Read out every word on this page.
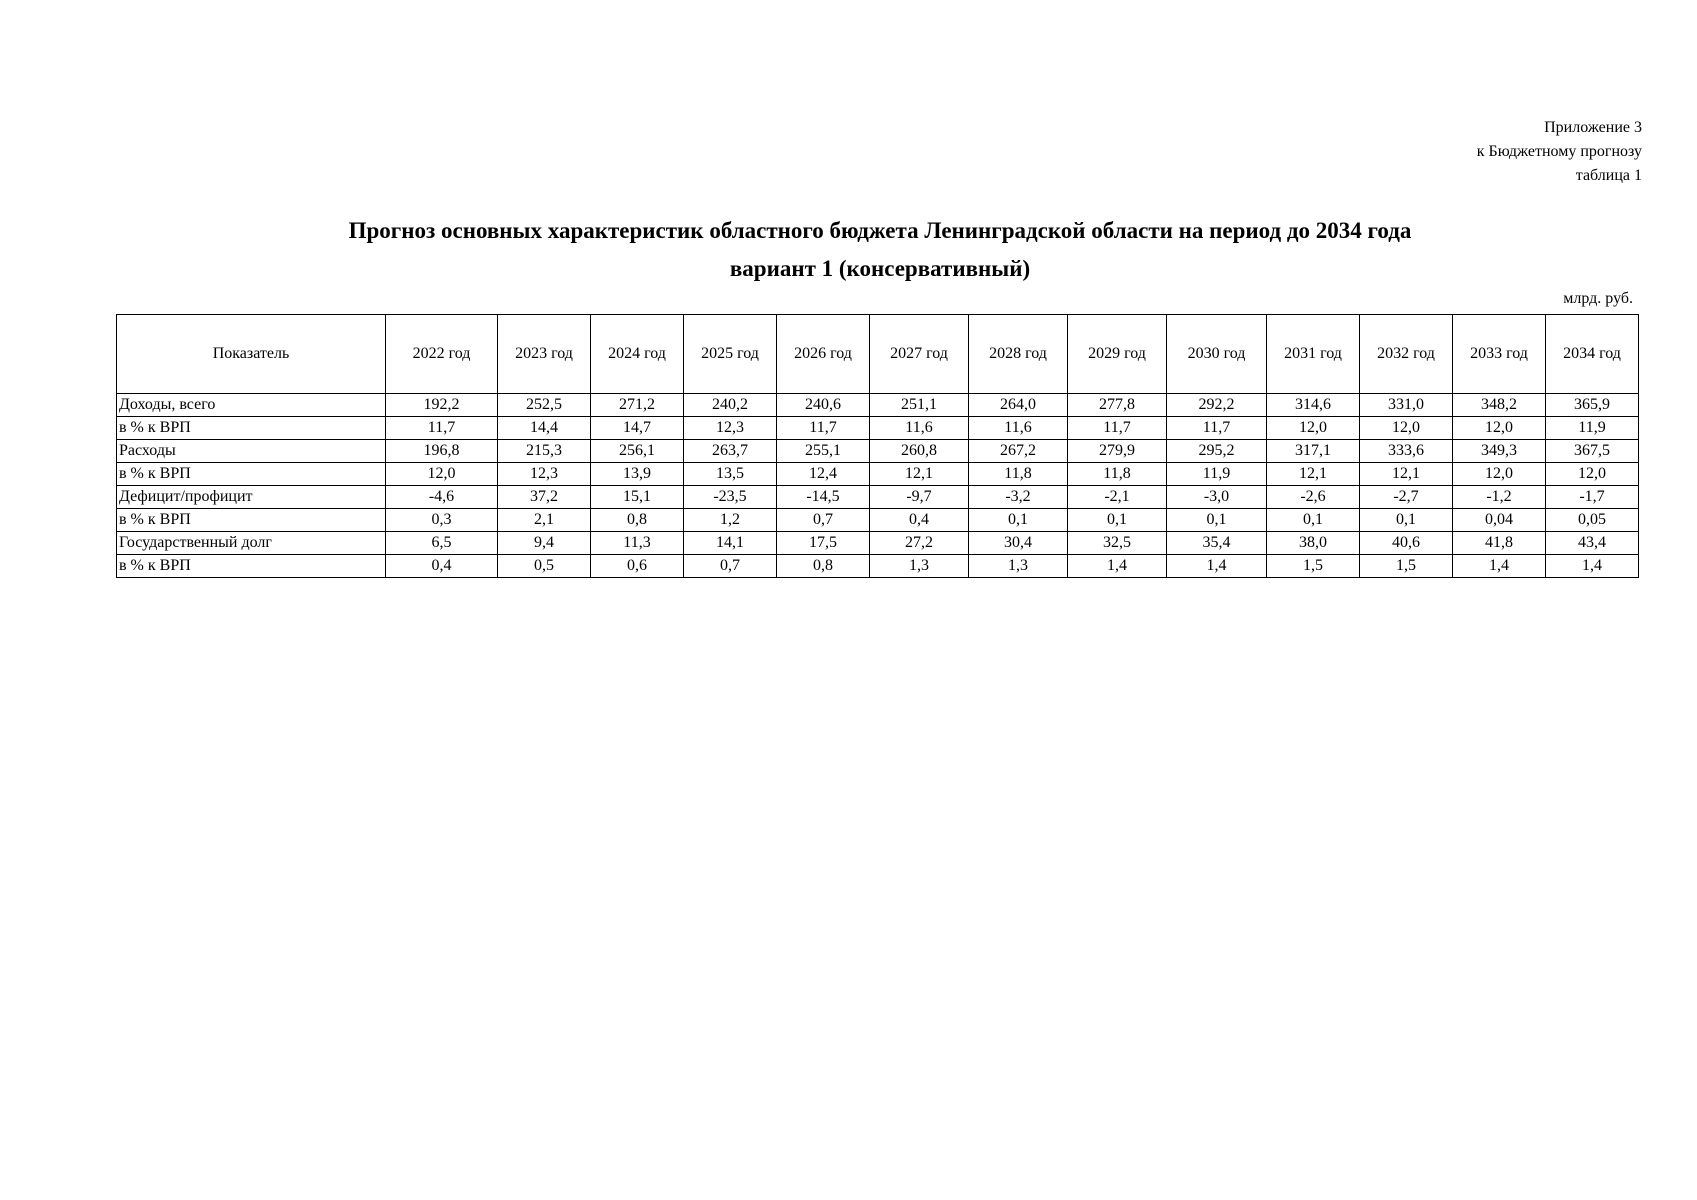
Приложение 3
к Бюджетному прогнозу
таблица 1
Прогноз основных характеристик областного бюджета Ленинградской области на период до 2034 года
вариант 1 (консервативный)
млрд. руб.
Показатель	2022 год	2023 год	2024 год	2025 год	2026 год	2027 год	2028 год	2029 год	2030 год	2031 год	2032 год	2033 год	2034 год
Доходы, всего	192,2	252,5	271,2	240,2	240,6	251,1	264,0	277,8	292,2	314,6	331,0	348,2	365,9
в % к ВРП	11,7	14,4	14,7	12,3	11,7	11,6	11,6	11,7	11,7	12,0	12,0	12,0	11,9
Расходы	196,8	215,3	256,1	263,7	255,1	260,8	267,2	279,9	295,2	317,1	333,6	349,3	367,5
в % к ВРП	12,0	12,3	13,9	13,5	12,4	12,1	11,8	11,8	11,9	12,1	12,1	12,0	12,0
Дефицит/профицит	-4,6	37,2	15,1	-23,5	-14,5	-9,7	-3,2	-2,1	-3,0	-2,6	-2,7	-1,2	-1,7
в % к ВРП	0,3	2,1	0,8	1,2	0,7	0,4	0,1	0,1	0,1	0,1	0,1	0,04	0,05
Государственный долг	6,5	9,4	11,3	14,1	17,5	27,2	30,4	32,5	35,4	38,0	40,6	41,8	43,4
в % к ВРП	0,4	0,5	0,6	0,7	0,8	1,3	1,3	1,4	1,4	1,5	1,5	1,4	1,4
